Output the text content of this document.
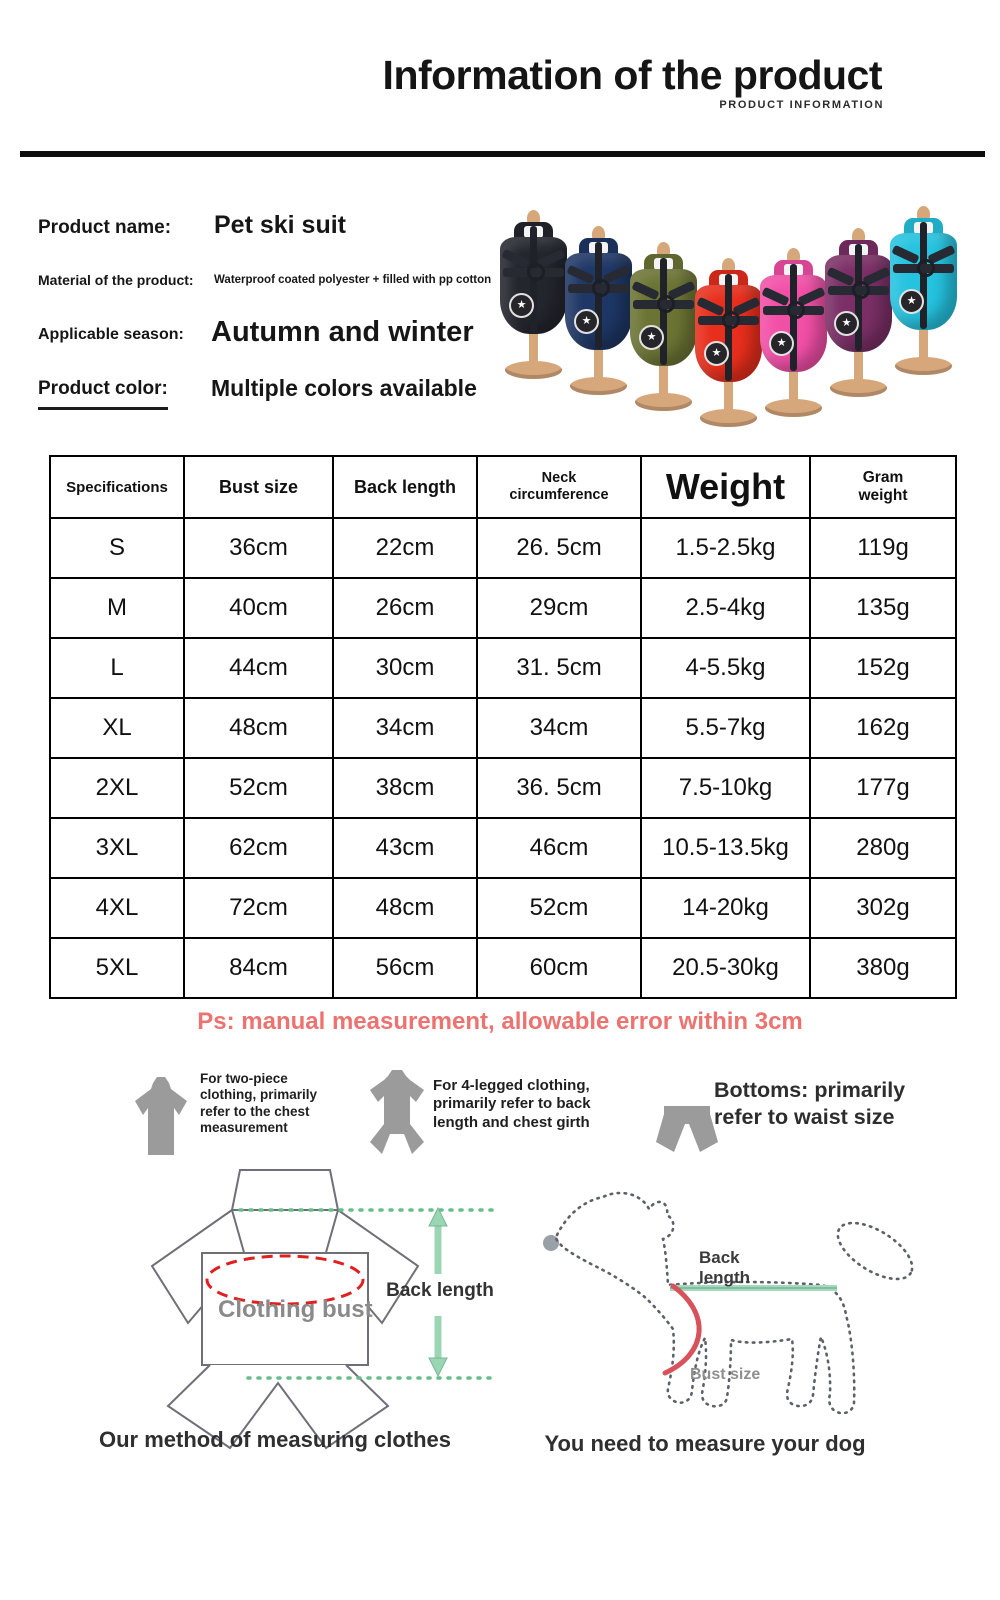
Information of the product
PRODUCT INFORMATION
Product name: Pet ski suit
Material of the product: Waterproof coated polyester + filled with pp cotton
Applicable season: Autumn and winter
Product color: Multiple colors available
★
★
★
★
★
★
★
Specifications	Bust size	Back length	Neck circumference	Weight	Gram weight
S	36cm	22cm	26. 5cm	1.5-2.5kg	119g
M	40cm	26cm	29cm	2.5-4kg	135g
L	44cm	30cm	31. 5cm	4-5.5kg	152g
XL	48cm	34cm	34cm	5.5-7kg	162g
2XL	52cm	38cm	36. 5cm	7.5-10kg	177g
3XL	62cm	43cm	46cm	10.5-13.5kg	280g
4XL	72cm	48cm	52cm	14-20kg	302g
5XL	84cm	56cm	60cm	20.5-30kg	380g
Ps: manual measurement, allowable error within 3cm
For two-piece clothing, primarily refer to the chest measurement
For 4-legged clothing, primarily refer to back length and chest girth
Bottoms: primarily refer to waist size
Clothing bust
Back length
Back length
Bust size
Our method of measuring clothes	You need to measure your dog
